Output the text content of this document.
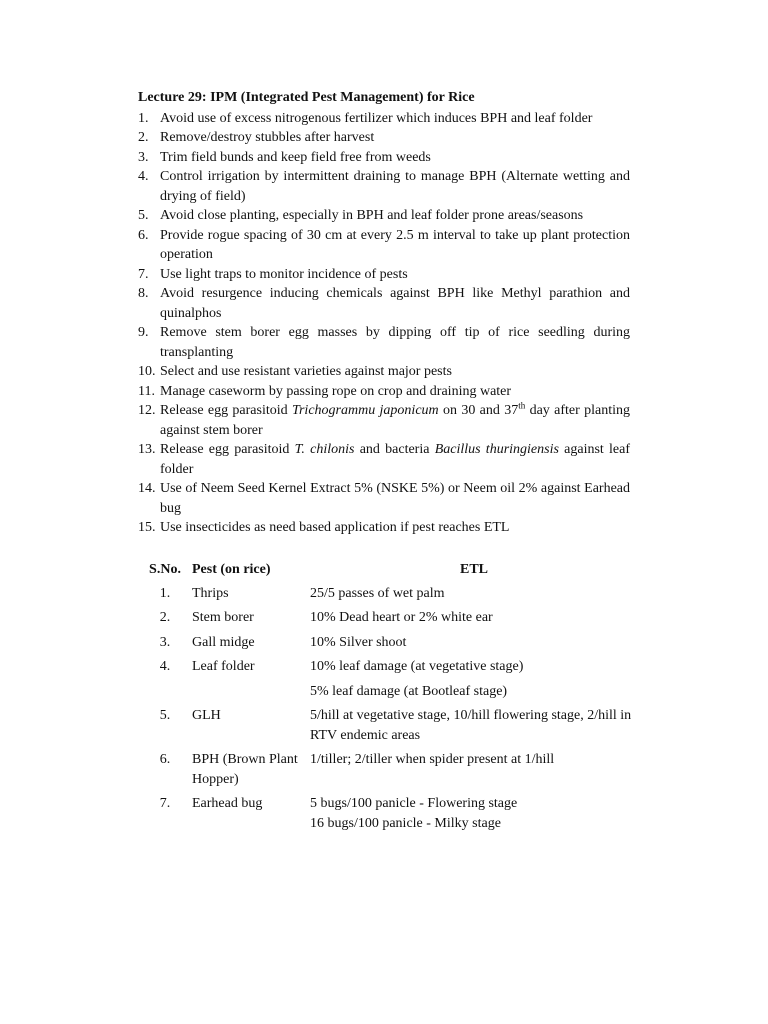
Lecture 29: IPM (Integrated Pest Management) for Rice
1. Avoid use of excess nitrogenous fertilizer which induces BPH and leaf folder
2. Remove/destroy stubbles after harvest
3. Trim field bunds and keep field free from weeds
4. Control irrigation by intermittent draining to manage BPH (Alternate wetting and drying of field)
5. Avoid close planting, especially in BPH and leaf folder prone areas/seasons
6. Provide rogue spacing of 30 cm at every 2.5 m interval to take up plant protection operation
7. Use light traps to monitor incidence of pests
8. Avoid resurgence inducing chemicals against BPH like Methyl parathion and quinalphos
9. Remove stem borer egg masses by dipping off tip of rice seedling during transplanting
10. Select and use resistant varieties against major pests
11. Manage caseworm by passing rope on crop and draining water
12. Release egg parasitoid Trichogrammu japonicum on 30 and 37th day after planting against stem borer
13. Release egg parasitoid T. chilonis and bacteria Bacillus thuringiensis against leaf folder
14. Use of Neem Seed Kernel Extract 5% (NSKE 5%) or Neem oil 2% against Earhead bug
15. Use insecticides as need based application if pest reaches ETL
S.No.	Pest (on rice)	ETL
1.	Thrips	25/5 passes of wet palm
2.	Stem borer	10% Dead heart or 2% white ear
3.	Gall midge	10% Silver shoot
4.	Leaf folder	10% leaf damage (at vegetative stage)
		5% leaf damage (at Bootleaf stage)
5.	GLH	5/hill at vegetative stage, 10/hill flowering stage, 2/hill in RTV endemic areas
6.	BPH (Brown Plant Hopper)	1/tiller; 2/tiller when spider present at 1/hill
7.	Earhead bug	5 bugs/100 panicle - Flowering stage
16 bugs/100 panicle - Milky stage
